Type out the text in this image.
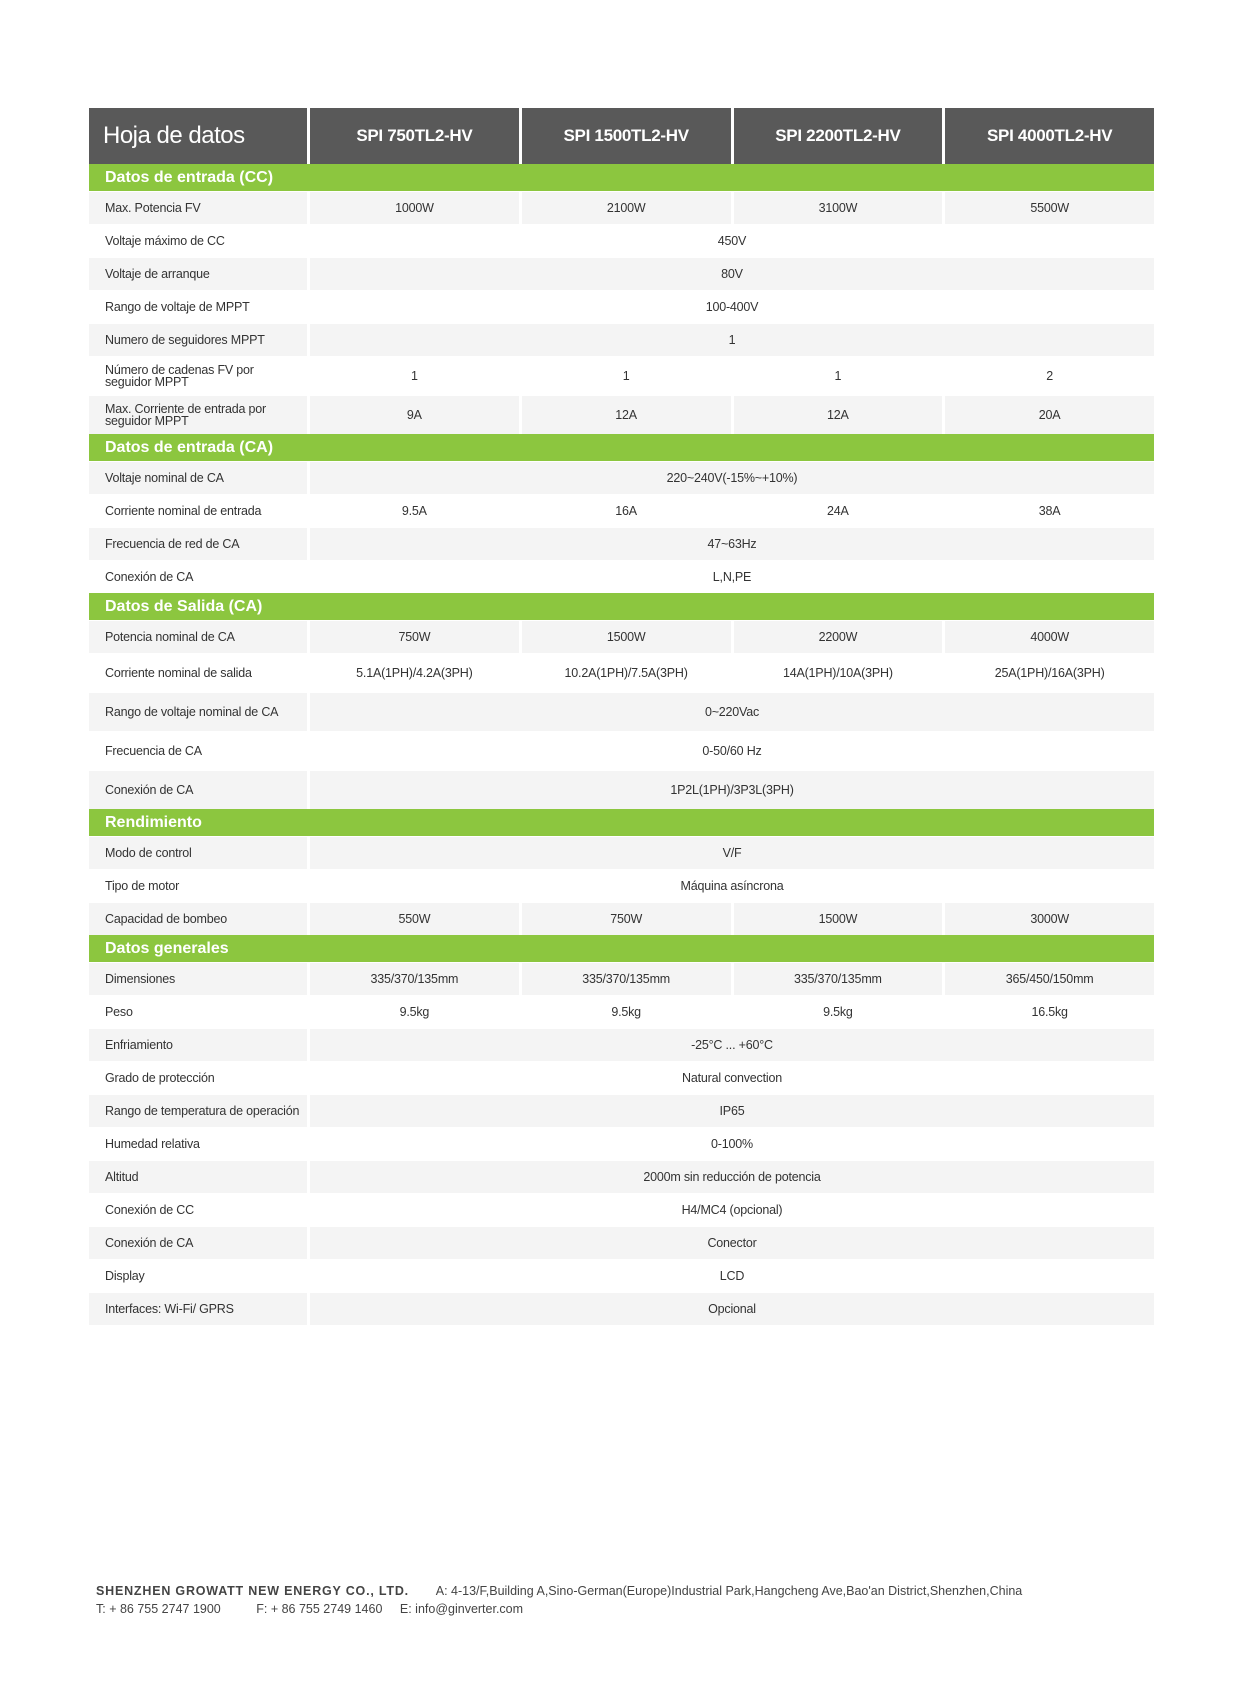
Hoja de datos	SPI 750TL2-HV	SPI 1500TL2-HV	SPI 2200TL2-HV	SPI 4000TL2-HV
Datos de entrada (CC)				
Max. Potencia FV	1000W	2100W	3100W	5500W
Voltaje máximo de CC	450V			
Voltaje de arranque	80V			
Rango de voltaje de MPPT	100-400V			
Numero de seguidores MPPT	1			
Número de cadenas FV por seguidor MPPT	1	1	1	2
Max. Corriente de entrada por seguidor MPPT	9A	12A	12A	20A
Datos de entrada (CA)				
Voltaje nominal de CA	220~240V(-15%~+10%)			
Corriente nominal de entrada	9.5A	16A	24A	38A
Frecuencia de red de CA	47~63Hz			
Conexión de CA	L,N,PE			
Datos de Salida (CA)				
Potencia nominal de CA	750W	1500W	2200W	4000W
Corriente nominal de salida	5.1A(1PH)/4.2A(3PH)	10.2A(1PH)/7.5A(3PH)	14A(1PH)/10A(3PH)	25A(1PH)/16A(3PH)
Rango de voltaje nominal de CA	0~220Vac			
Frecuencia de CA	0-50/60 Hz			
Conexión de CA	1P2L(1PH)/3P3L(3PH)			
Rendimiento				
Modo de control	V/F			
Tipo de motor	Máquina asíncrona			
Capacidad de bombeo	550W	750W	1500W	3000W
Datos generales				
Dimensiones	335/370/135mm	335/370/135mm	335/370/135mm	365/450/150mm
Peso	9.5kg	9.5kg	9.5kg	16.5kg
Enfriamiento	-25°C ... +60°C			
Grado de protección	Natural convection			
Rango de temperatura de operación	IP65			
Humedad relativa	0-100%			
Altitud	2000m sin reducción de potencia			
Conexión de CC	H4/MC4 (opcional)			
Conexión de CA	Conector			
Display	LCD			
Interfaces: Wi-Fi/ GPRS	Opcional			
SHENZHEN GROWATT NEW ENERGY CO., LTD. A: 4-13/F,Building A,Sino-German(Europe)Industrial Park,Hangcheng Ave,Bao'an District,Shenzhen,China
T: + 86 755 2747 1900	F: + 86 755 2749 1460 E: info@ginverter.com
